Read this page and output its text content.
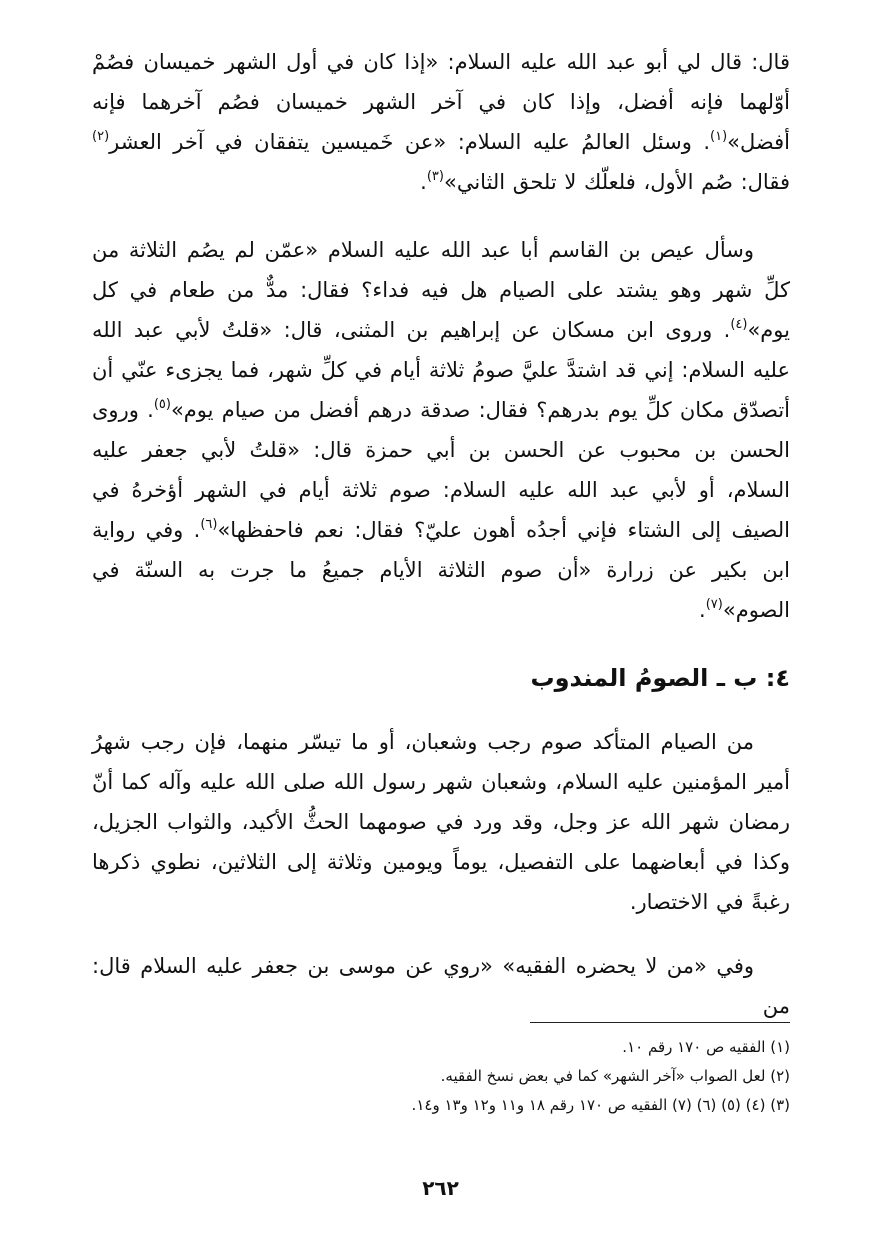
قال: قال لي أبو عبد الله عليه السلام: «إذا كان في أول الشهر خميسان فصُمْ أوّلهما فإنه أفضل، وإذا كان في آخر الشهر خميسان فصُم آخرهما فإنه أفضل»$^{(١)}$. وسئل العالمُ عليه السلام: «عن خَميسين يتفقان في آخر العشر$^{(٢)}$ فقال: صُم الأول، فلعلّك لا تلحق الثاني»$^{(٣)}$.

وسأل عيص بن القاسم أبا عبد الله عليه السلام «عمّن لم يصُم الثلاثة من كلِّ شهر وهو يشتد على الصيام هل فيه فداء؟ فقال: مدٌّ من طعام في كل يوم»$^{(٤)}$. وروى ابن مسكان عن إبراهيم بن المثنى، قال: «قلتُ لأبي عبد الله عليه السلام: إني قد اشتدَّ عليَّ صومُ ثلاثة أيام في كلِّ شهر، فما يجزىء عنّي أن أتصدّق مكان كلِّ يوم بدرهم؟ فقال: صدقة درهم أفضل من صيام يوم»$^{(٥)}$. وروى الحسن بن محبوب عن الحسن بن أبي حمزة قال: «قلتُ لأبي جعفر عليه السلام، أو لأبي عبد الله عليه السلام: صوم ثلاثة أيام في الشهر أؤخرهُ في الصيف إلى الشتاء فإني أجدُه أهون عليّ؟ فقال: نعم فاحفظها»$^{(٦)}$. وفي رواية ابن بكير عن زرارة «أن صوم الثلاثة الأيام جميعُ ما جرت به السنّة في الصوم»$^{(٧)}$.

٤: ب ـ الصومُ المندوب

من الصيام المتأكد صوم رجب وشعبان، أو ما تيسّر منهما، فإن رجب شهرُ أمير المؤمنين عليه السلام، وشعبان شهر رسول الله صلى الله عليه وآله كما أنّ رمضان شهر الله عز وجل، وقد ورد في صومهما الحثُّ الأكيد، والثواب الجزيل، وكذا في أبعاضهما على التفصيل، يوماً ويومين وثلاثة إلى الثلاثين، نطوي ذكرها رغبةً في الاختصار.

وفي «من لا يحضره الفقيه» «روي عن موسى بن جعفر عليه السلام قال: من

(١) الفقيه ص ١٧٠ رقم ١٠.

(٢) لعل الصواب «آخر الشهر» كما في بعض نسخ الفقيه.

(٣) (٤) (٥) (٦) (٧) الفقيه ص ١٧٠ رقم ١٨ و١١ و١٢ و١٣ و١٤.

٢٦٢
